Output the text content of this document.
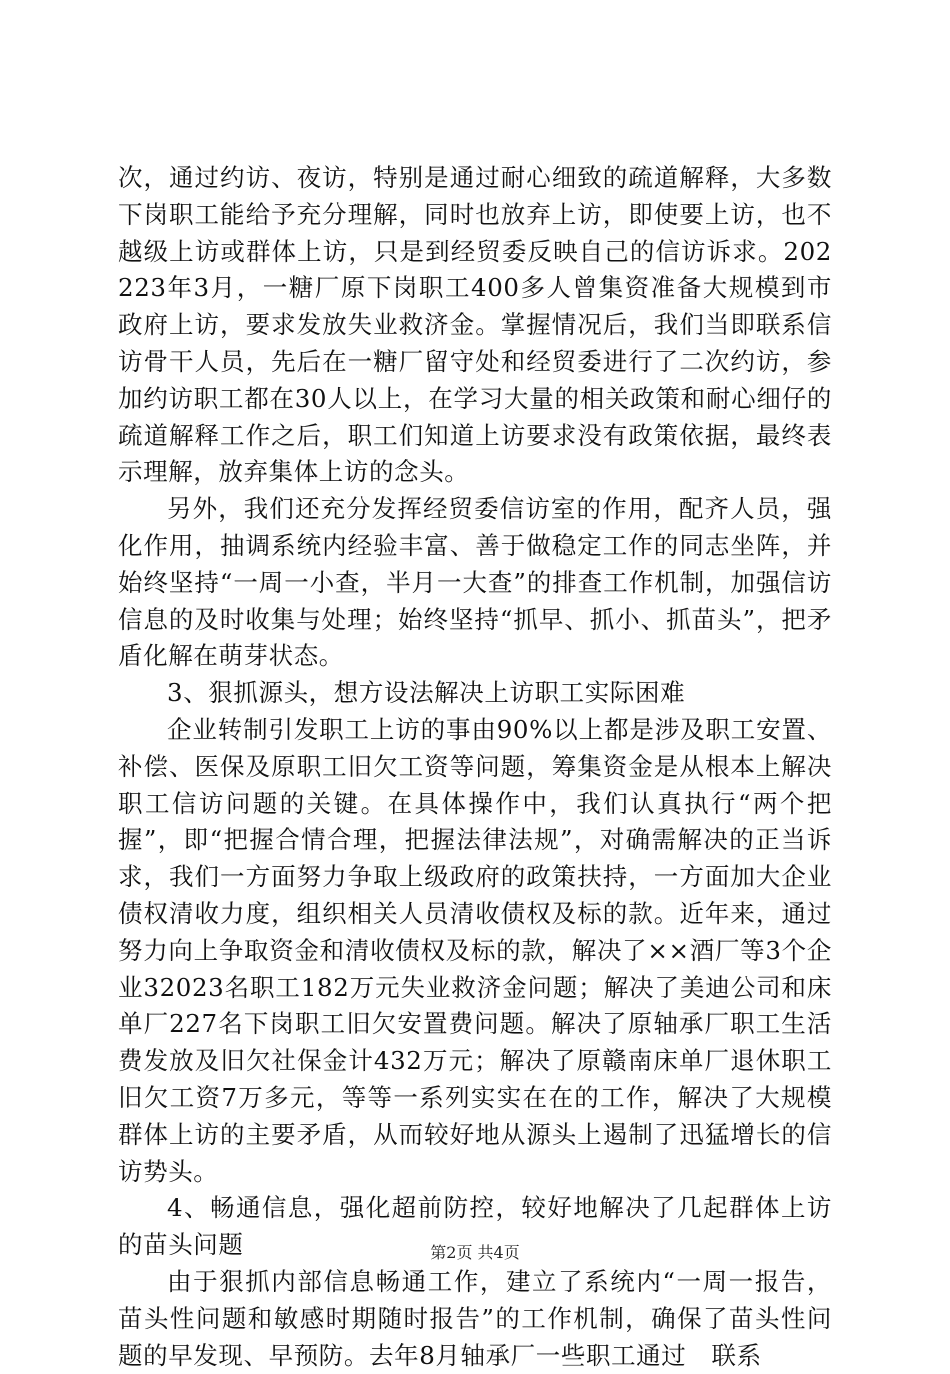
次，通过约访、夜访，特别是通过耐心细致的疏道解释，大多数下岗职工能给予充分理解，同时也放弃上访，即使要上访，也不越级上访或群体上访，只是到经贸委反映自己的信访诉求。202223年3月，一糖厂原下岗职工400多人曾集资准备大规模到市政府上访，要求发放失业救济金。掌握情况后，我们当即联系信访骨干人员，先后在一糖厂留守处和经贸委进行了二次约访，参加约访职工都在30人以上，在学习大量的相关政策和耐心细仔的疏道解释工作之后，职工们知道上访要求没有政策依据，最终表示理解，放弃集体上访的念头。

另外，我们还充分发挥经贸委信访室的作用，配齐人员，强化作用，抽调系统内经验丰富、善于做稳定工作的同志坐阵，并始终坚持“一周一小查，半月一大查”的排查工作机制，加强信访信息的及时收集与处理；始终坚持“抓早、抓小、抓苗头”，把矛盾化解在萌芽状态。

3、狠抓源头，想方设法解决上访职工实际困难

企业转制引发职工上访的事由90%以上都是涉及职工安置、补偿、医保及原职工旧欠工资等问题，筹集资金是从根本上解决职工信访问题的关键。在具体操作中，我们认真执行“两个把握”，即“把握合情合理，把握法律法规”，对确需解决的正当诉求，我们一方面努力争取上级政府的政策扶持，一方面加大企业债权清收力度，组织相关人员清收债权及标的款。近年来，通过努力向上争取资金和清收债权及标的款，解决了××酒厂等3个企业32023名职工182万元失业救济金问题；解决了美迪公司和床单厂227名下岗职工旧欠安置费问题。解决了原轴承厂职工生活费发放及旧欠社保金计432万元；解决了原赣南床单厂退休职工旧欠工资7万多元，等等一系列实实在在的工作，解决了大规模群体上访的主要矛盾，从而较好地从源头上遏制了迅猛增长的信访势头。

4、畅通信息，强化超前防控，较好地解决了几起群体上访的苗头问题

由于狠抓内部信息畅通工作，建立了系统内“一周一报告，苗头性问题和敏感时期随时报告”的工作机制，确保了苗头性问题的早发现、早预防。去年8月轴承厂一些职工通过　联系

第2页 共4页
